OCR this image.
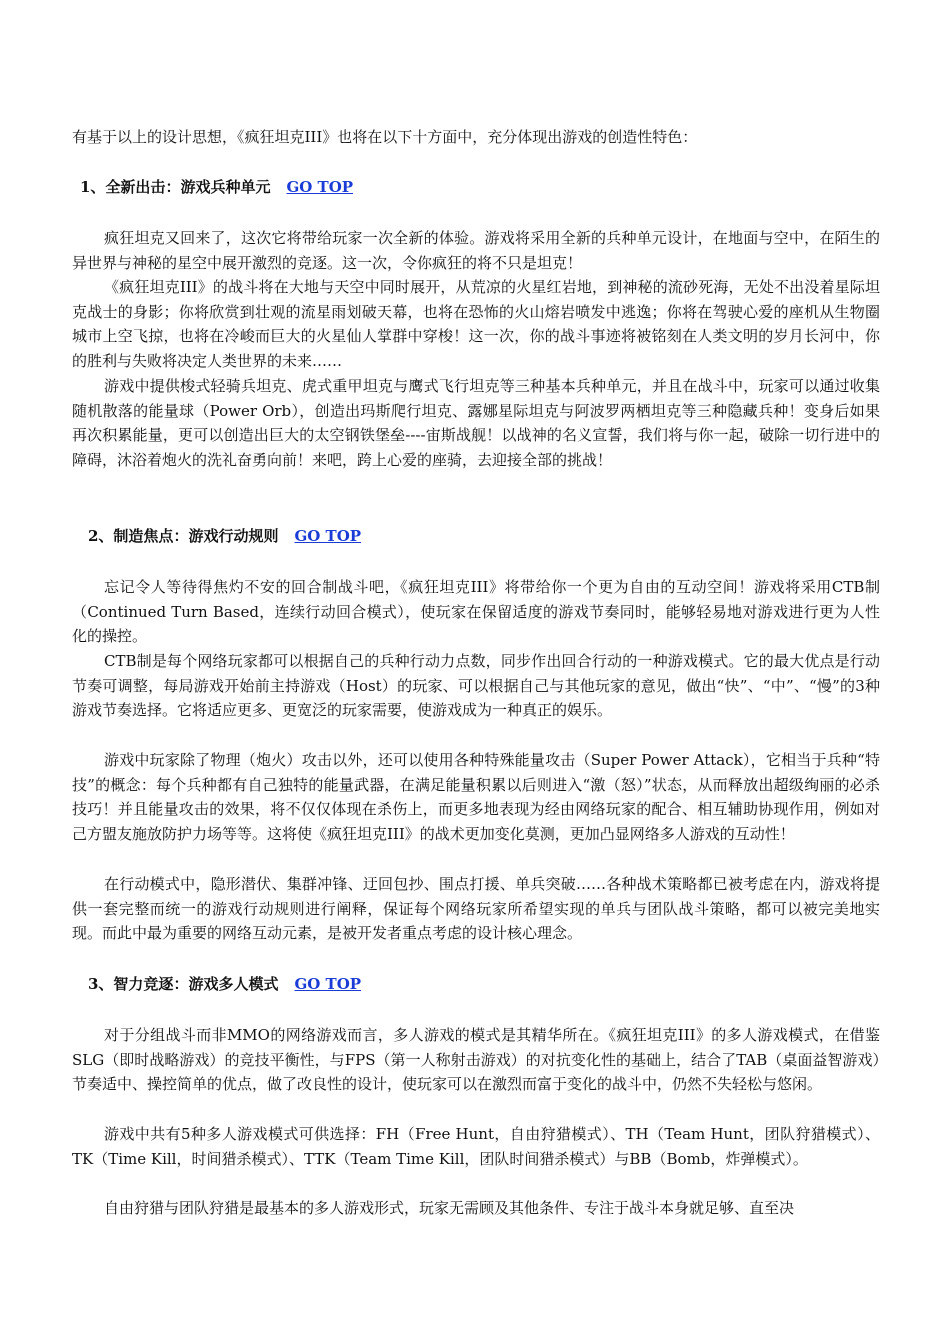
有基于以上的设计思想，《疯狂坦克III》也将在以下十方面中，充分体现出游戏的创造性特色：
1、全新出击：游戏兵种单元 GO TOP

疯狂坦克又回来了，这次它将带给玩家一次全新的体验。游戏将采用全新的兵种单元设计，在地面与空中，在陌生的异世界与神秘的星空中展开激烈的竞逐。这一次，令你疯狂的将不只是坦克！

《疯狂坦克III》的战斗将在大地与天空中同时展开，从荒凉的火星红岩地，到神秘的流砂死海，无处不出没着星际坦克战士的身影；你将欣赏到壮观的流星雨划破天幕，也将在恐怖的火山熔岩喷发中逃逸；你将在驾驶心爱的座机从生物圈城市上空飞掠，也将在冷峻而巨大的火星仙人掌群中穿梭！这一次，你的战斗事迹将被铭刻在人类文明的岁月长河中，你的胜利与失败将决定人类世界的未来……

游戏中提供梭式轻骑兵坦克、虎式重甲坦克与鹰式飞行坦克等三种基本兵种单元，并且在战斗中，玩家可以通过收集随机散落的能量球（Power Orb），创造出玛斯爬行坦克、露娜星际坦克与阿波罗两栖坦克等三种隐藏兵种！变身后如果再次积累能量，更可以创造出巨大的太空钢铁堡垒----宙斯战舰！以战神的名义宣誓，我们将与你一起，破除一切行进中的障碍，沐浴着炮火的洗礼奋勇向前！来吧，跨上心爱的座骑，去迎接全部的挑战！

2、制造焦点：游戏行动规则 GO TOP

忘记令人等待得焦灼不安的回合制战斗吧，《疯狂坦克III》将带给你一个更为自由的互动空间！游戏将采用CTB制（Continued Turn Based，连续行动回合模式），使玩家在保留适度的游戏节奏同时，能够轻易地对游戏进行更为人性化的操控。

CTB制是每个网络玩家都可以根据自己的兵种行动力点数，同步作出回合行动的一种游戏模式。它的最大优点是行动节奏可调整，每局游戏开始前主持游戏（Host）的玩家、可以根据自己与其他玩家的意见，做出“快”、“中”、“慢”的3种游戏节奏选择。它将适应更多、更宽泛的玩家需要，使游戏成为一种真正的娱乐。

游戏中玩家除了物理（炮火）攻击以外，还可以使用各种特殊能量攻击（Super Power Attack），它相当于兵种“特技”的概念：每个兵种都有自己独特的能量武器，在满足能量积累以后则进入“激（怒）”状态，从而释放出超级绚丽的必杀技巧！并且能量攻击的效果，将不仅仅体现在杀伤上，而更多地表现为经由网络玩家的配合、相互辅助协现作用，例如对己方盟友施放防护力场等等。这将使《疯狂坦克III》的战术更加变化莫测，更加凸显网络多人游戏的互动性！

在行动模式中，隐形潜伏、集群冲锋、迂回包抄、围点打援、单兵突破……各种战术策略都已被考虑在内，游戏将提供一套完整而统一的游戏行动规则进行阐释，保证每个网络玩家所希望实现的单兵与团队战斗策略，都可以被完美地实现。而此中最为重要的网络互动元素，是被开发者重点考虑的设计核心理念。

3、智力竞逐：游戏多人模式 GO TOP

对于分组战斗而非MMO的网络游戏而言，多人游戏的模式是其精华所在。《疯狂坦克III》的多人游戏模式，在借鉴SLG（即时战略游戏）的竞技平衡性，与FPS（第一人称射击游戏）的对抗变化性的基础上，结合了TAB（桌面益智游戏）节奏适中、操控简单的优点，做了改良性的设计，使玩家可以在激烈而富于变化的战斗中，仍然不失轻松与悠闲。

游戏中共有5种多人游戏模式可供选择：FH（Free Hunt，自由狩猎模式）、TH（Team Hunt，团队狩猎模式）、TK（Time Kill，时间猎杀模式）、TTK（Team Time Kill，团队时间猎杀模式）与BB（Bomb，炸弹模式）。

自由狩猎与团队狩猎是最基本的多人游戏形式，玩家无需顾及其他条件、专注于战斗本身就足够、直至决
